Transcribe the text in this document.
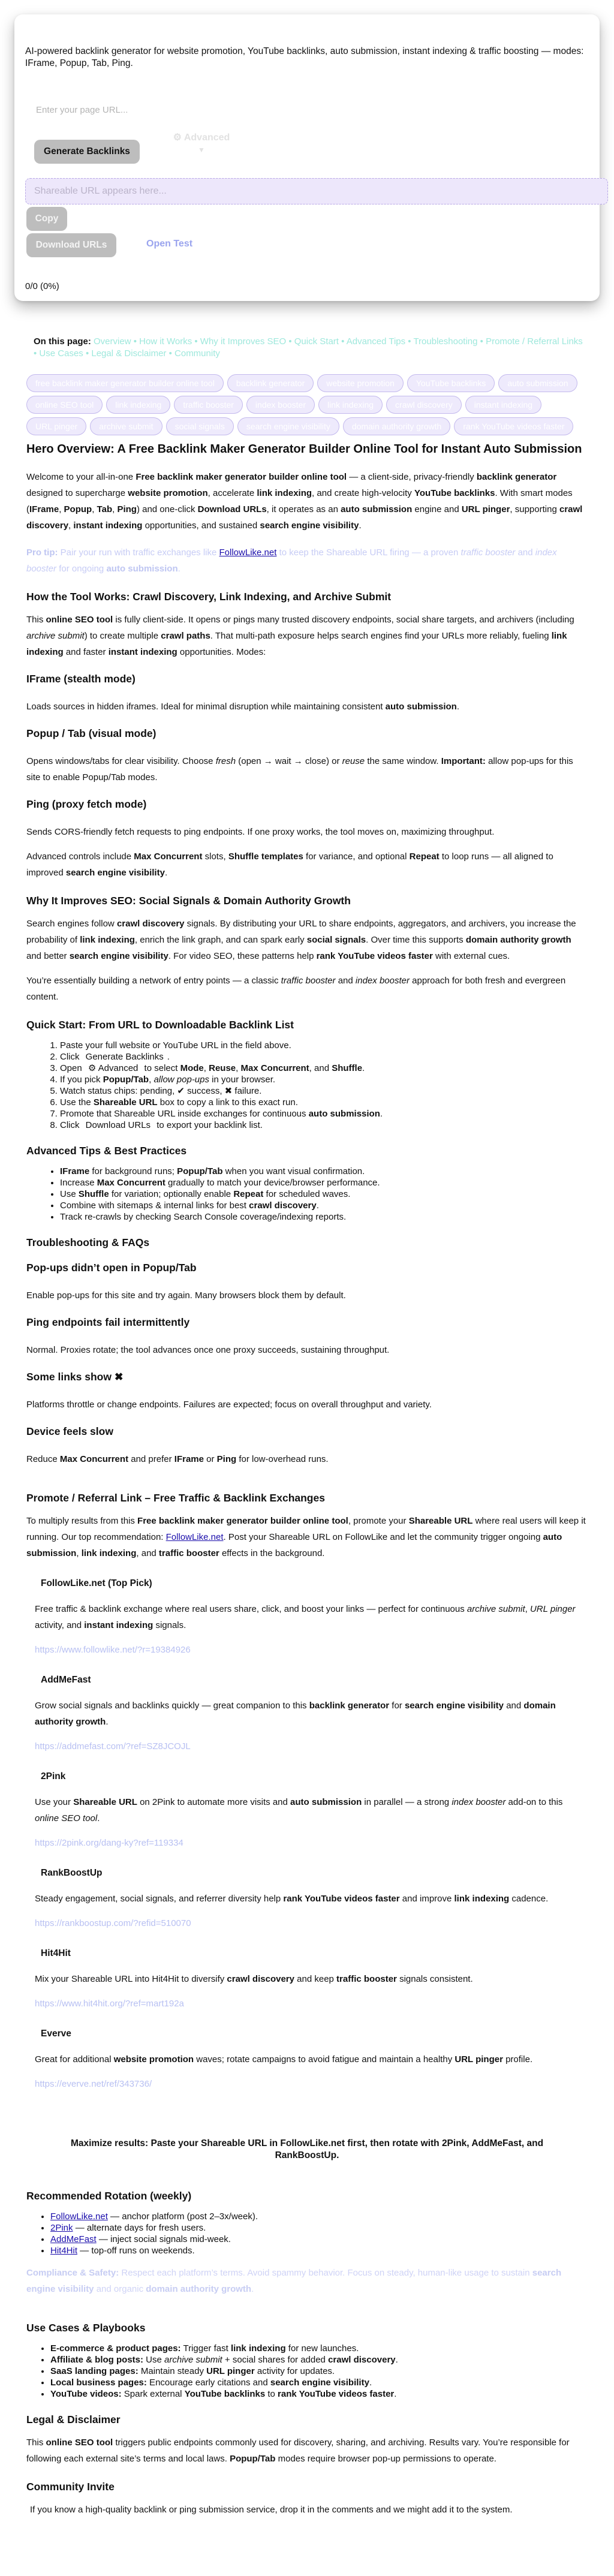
AI-powered backlink generator for website promotion, YouTube backlinks, auto submission, instant indexing & traffic boosting — modes: IFrame, Popup, Tab, Ping.
Enter your page URL...
Generate Backlinks
⚙ Advanced
▼
Shareable URL appears here...
Copy
Download URLs	Open Test
0/0 (0%)
On this page: Overview • How it Works • Why it Improves SEO • Quick Start • Advanced Tips • Troubleshooting • Promote / Referral Links • Use Cases • Legal & Disclaimer • Community
free backlink maker generator builder online tool	backlink generator	website promotion	YouTube backlinks	auto submission
online SEO tool	link indexing	traffic booster	index booster	link indexing	crawl discovery	instant indexing
URL pinger	archive submit	social signals	search engine visibility	domain authority growth	rank YouTube videos faster
Hero Overview: A Free Backlink Maker Generator Builder Online Tool for Instant Auto Submission

Welcome to your all-in-one Free backlink maker generator builder online tool — a client-side, privacy-friendly backlink generator designed to supercharge website promotion, accelerate link indexing, and create high-velocity YouTube backlinks. With smart modes (IFrame, Popup, Tab, Ping) and one-click Download URLs, it operates as an auto submission engine and URL pinger, supporting crawl discovery, instant indexing opportunities, and sustained search engine visibility.

Pro tip: Pair your run with traffic exchanges like FollowLike.net to keep the Shareable URL firing — a proven traffic booster and index booster for ongoing auto submission.

How the Tool Works: Crawl Discovery, Link Indexing, and Archive Submit

This online SEO tool is fully client-side. It opens or pings many trusted discovery endpoints, social share targets, and archivers (including archive submit) to create multiple crawl paths. That multi-path exposure helps search engines find your URLs more reliably, fueling link indexing and faster instant indexing opportunities. Modes:

IFrame (stealth mode)

Loads sources in hidden iframes. Ideal for minimal disruption while maintaining consistent auto submission.

Popup / Tab (visual mode)

Opens windows/tabs for clear visibility. Choose fresh (open → wait → close) or reuse the same window. Important: allow pop-ups for this site to enable Popup/Tab modes.

Ping (proxy fetch mode)

Sends CORS-friendly fetch requests to ping endpoints. If one proxy works, the tool moves on, maximizing throughput.

Advanced controls include Max Concurrent slots, Shuffle templates for variance, and optional Repeat to loop runs — all aligned to improved search engine visibility.

Why It Improves SEO: Social Signals & Domain Authority Growth

Search engines follow crawl discovery signals. By distributing your URL to share endpoints, aggregators, and archivers, you increase the probability of link indexing, enrich the link graph, and can spark early social signals. Over time this supports domain authority growth and better search engine visibility. For video SEO, these patterns help rank YouTube videos faster with external cues.

You’re essentially building a network of entry points — a classic traffic booster and index booster approach for both fresh and evergreen content.

Quick Start: From URL to Downloadable Backlink List
1. Paste your full website or YouTube URL in the field above.
2. Click Generate Backlinks .
3. Open ⚙ Advanced to select Mode, Reuse, Max Concurrent, and Shuffle.
4. If you pick Popup/Tab, allow pop-ups in your browser.
5. Watch status chips: pending, ✔ success, ✖ failure.
6. Use the Shareable URL box to copy a link to this exact run.
7. Promote that Shareable URL inside exchanges for continuous auto submission.
8. Click Download URLs to export your backlink list.
Advanced Tips & Best Practices
• IFrame for background runs; Popup/Tab when you want visual confirmation.
• Increase Max Concurrent gradually to match your device/browser performance.
• Use Shuffle for variation; optionally enable Repeat for scheduled waves.
• Combine with sitemaps & internal links for best crawl discovery.
• Track re-crawls by checking Search Console coverage/indexing reports.
Troubleshooting & FAQs
Pop-ups didn’t open in Popup/Tab

Enable pop-ups for this site and try again. Many browsers block them by default.

Ping endpoints fail intermittently

Normal. Proxies rotate; the tool advances once one proxy succeeds, sustaining throughput.

Some links show ✖

Platforms throttle or change endpoints. Failures are expected; focus on overall throughput and variety.

Device feels slow

Reduce Max Concurrent and prefer IFrame or Ping for low-overhead runs.

Promote / Referral Link – Free Traffic & Backlink Exchanges

To multiply results from this Free backlink maker generator builder online tool, promote your Shareable URL where real users will keep it running. Our top recommendation: FollowLike.net. Post your Shareable URL on FollowLike and let the community trigger ongoing auto submission, link indexing, and traffic booster effects in the background.

FollowLike.net (Top Pick)

Free traffic & backlink exchange where real users share, click, and boost your links — perfect for continuous archive submit, URL pinger activity, and instant indexing signals.

https://www.followlike.net/?r=19384926
AddMeFast

Grow social signals and backlinks quickly — great companion to this backlink generator for search engine visibility and domain authority growth.

https://addmefast.com/?ref=SZ8JCOJL
2Pink

Use your Shareable URL on 2Pink to automate more visits and auto submission in parallel — a strong index booster add-on to this online SEO tool.

https://2pink.org/dang-ky?ref=119334
RankBoostUp

Steady engagement, social signals, and referrer diversity help rank YouTube videos faster and improve link indexing cadence.

https://rankboostup.com/?refid=510070
Hit4Hit

Mix your Shareable URL into Hit4Hit to diversify crawl discovery and keep traffic booster signals consistent.

https://www.hit4hit.org/?ref=mart192a
Everve

Great for additional website promotion waves; rotate campaigns to avoid fatigue and maintain a healthy URL pinger profile.

https://everve.net/ref/343736/
Maximize results: Paste your Shareable URL in FollowLike.net first, then rotate with 2Pink, AddMeFast, and RankBoostUp.
Recommended Rotation (weekly)
• FollowLike.net — anchor platform (post 2–3x/week).
• 2Pink — alternate days for fresh users.
• AddMeFast — inject social signals mid-week.
• Hit4Hit — top-off runs on weekends.

Compliance & Safety: Respect each platform’s terms. Avoid spammy behavior. Focus on steady, human-like usage to sustain search engine visibility and organic domain authority growth.

Use Cases & Playbooks
• E-commerce & product pages: Trigger fast link indexing for new launches.
• Affiliate & blog posts: Use archive submit + social shares for added crawl discovery.
• SaaS landing pages: Maintain steady URL pinger activity for updates.
• Local business pages: Encourage early citations and search engine visibility.
• YouTube videos: Spark external YouTube backlinks to rank YouTube videos faster.
Legal & Disclaimer

This online SEO tool triggers public endpoints commonly used for discovery, sharing, and archiving. Results vary. You’re responsible for following each external site’s terms and local laws. Popup/Tab modes require browser pop-up permissions to operate.

Community Invite

If you know a high-quality backlink or ping submission service, drop it in the comments and we might add it to the system.
